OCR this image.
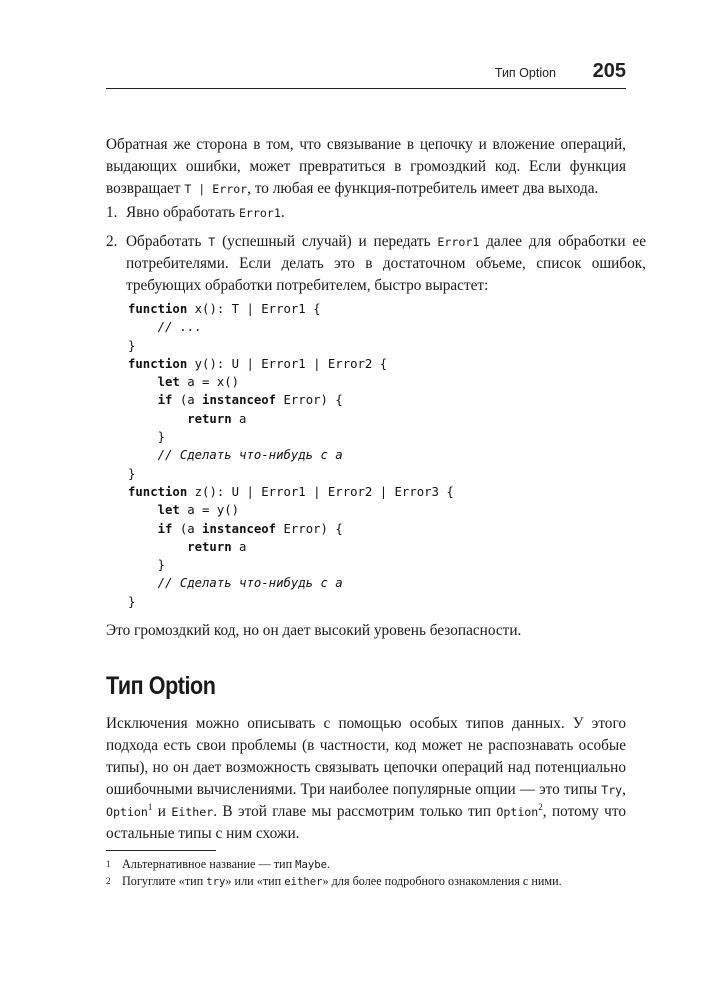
Тип Option 205

Обратная же сторона в том, что связывание в цепочку и вложение операций, выдающих ошибки, может превратиться в громоздкий код. Если функция возвращает T | Error, то любая ее функция-потребитель имеет два выхода.

1. Явно обработать Error1.
2. Обработать T (успешный случай) и передать Error1 далее для обработки ее потребителями. Если делать это в достаточном объеме, список ошибок, требующих обработки потребителем, быстро вырастет:
function x(): T | Error1 {
// ...
}
function y(): U | Error1 | Error2 {
let a = x()
if (a instanceof Error) {
return a
}
// Сделать что-нибудь с a
}
function z(): U | Error1 | Error2 | Error3 {
let a = y()
if (a instanceof Error) {
return a
}
// Сделать что-нибудь с a
}

Это громоздкий код, но он дает высокий уровень безопасности.

Тип Option

Исключения можно описывать с помощью особых типов данных. У этого подхода есть свои проблемы (в частности, код может не распознавать особые типы), но он дает возможность связывать цепочки операций над потенциально ошибочными вычислениями. Три наиболее популярные опции — это типы Try, Option$^1$ и Either. В этой главе мы рассмотрим только тип Option$^2$, потому что остальные типы с ним схожи.

1 Альтернативное название — тип Maybe.
2 Погуглите «тип try» или «тип either» для более подробного ознакомления с ними.
